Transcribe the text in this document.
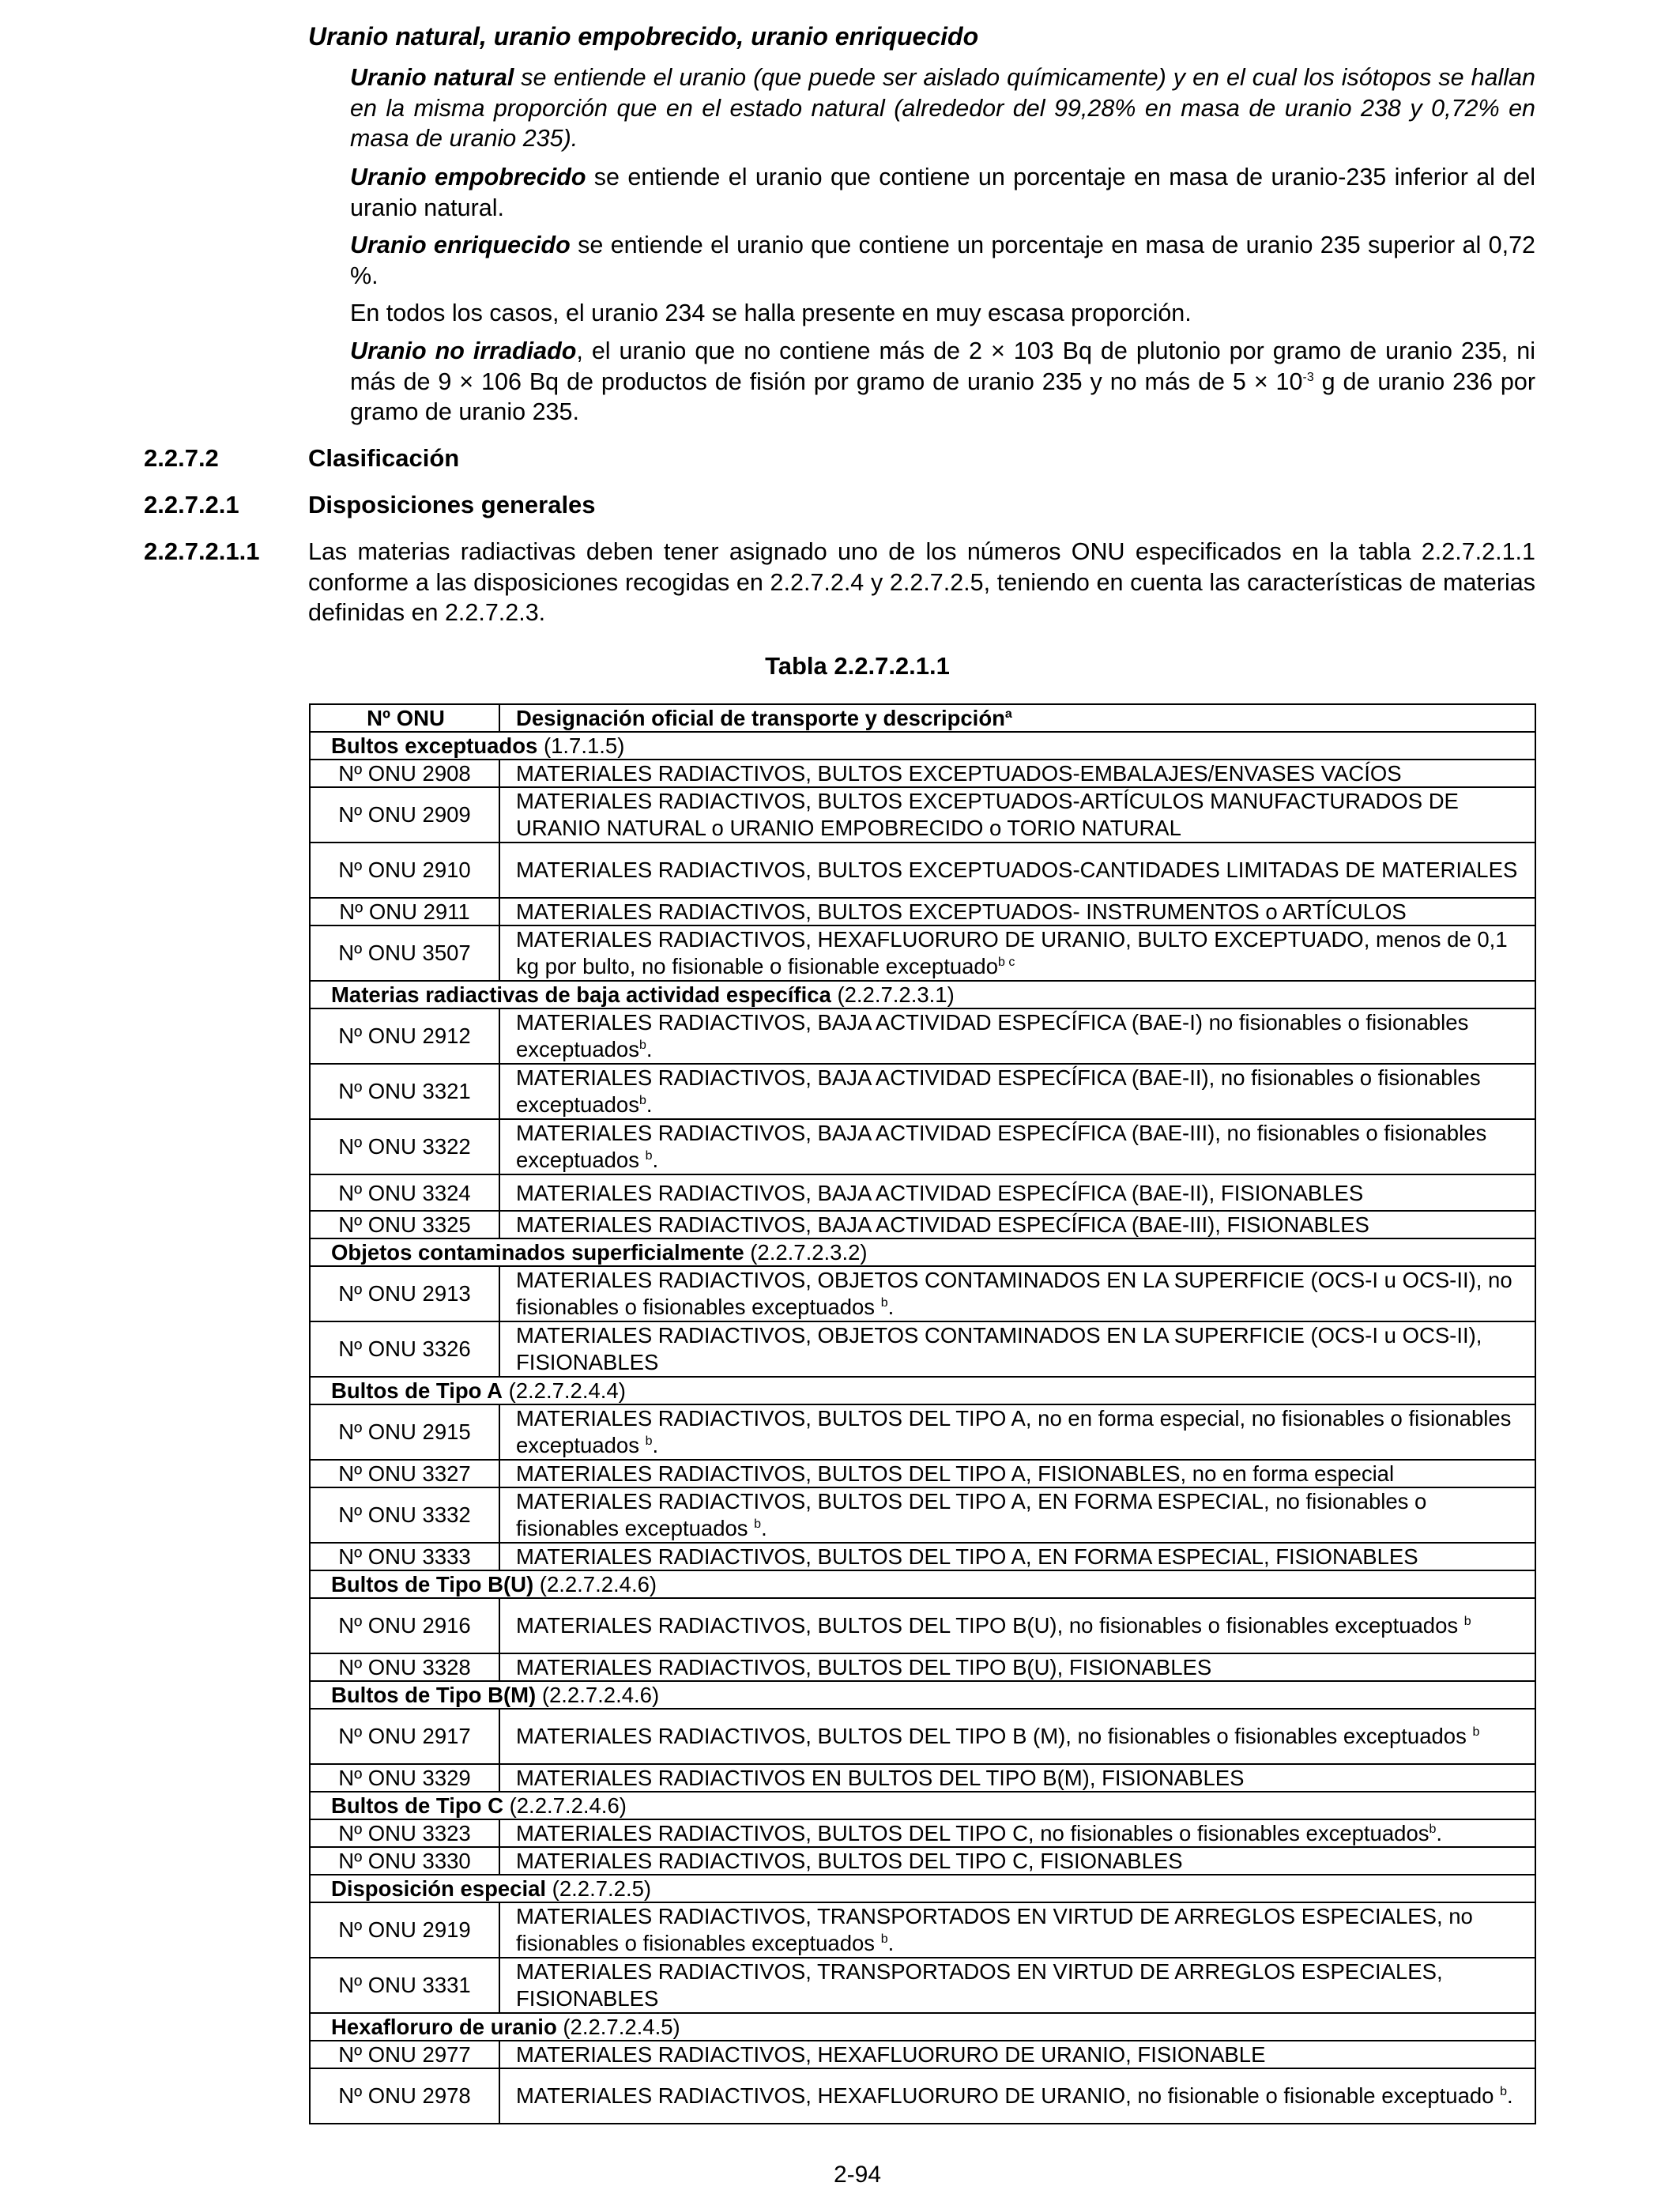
Uranio natural, uranio empobrecido, uranio enriquecido
Uranio natural se entiende el uranio (que puede ser aislado químicamente) y en el cual los isótopos se hallan en la misma proporción que en el estado natural (alrededor del 99,28% en masa de uranio 238 y 0,72% en masa de uranio 235).
Uranio empobrecido se entiende el uranio que contiene un porcentaje en masa de uranio-235 inferior al del uranio natural.
Uranio enriquecido se entiende el uranio que contiene un porcentaje en masa de uranio 235 superior al 0,72 %.
En todos los casos, el uranio 234 se halla presente en muy escasa proporción.
Uranio no irradiado, el uranio que no contiene más de 2 × 103 Bq de plutonio por gramo de uranio 235, ni más de 9 × 106 Bq de productos de fisión por gramo de uranio 235 y no más de $5 \times 10^{-3}$ g de uranio 236 por gramo de uranio 235.
2.2.7.2	Clasificación
2.2.7.2.1	Disposiciones generales
2.2.7.2.1.1 Las materias radiactivas deben tener asignado uno de los números ONU especificados en la tabla 2.2.7.2.1.1 conforme a las disposiciones recogidas en 2.2.7.2.4 y 2.2.7.2.5, teniendo en cuenta las características de materias definidas en 2.2.7.2.3.
Tabla 2.2.7.2.1.1
Nº ONU	Designación oficial de transporte y descripción$^a$
Bultos exceptuados (1.7.1.5)	
Nº ONU 2908	MATERIALES RADIACTIVOS, BULTOS EXCEPTUADOS-EMBALAJES/ENVASES VACÍOS
Nº ONU 2909	MATERIALES RADIACTIVOS, BULTOS EXCEPTUADOS-ARTÍCULOS MANUFACTURADOS DE URANIO NATURAL o URANIO EMPOBRECIDO o TORIO NATURAL
Nº ONU 2910	MATERIALES RADIACTIVOS, BULTOS EXCEPTUADOS-CANTIDADES LIMITADAS DE MATERIALES
Nº ONU 2911	MATERIALES RADIACTIVOS, BULTOS EXCEPTUADOS- INSTRUMENTOS o ARTÍCULOS
Nº ONU 3507	MATERIALES RADIACTIVOS, HEXAFLUORURO DE URANIO, BULTO EXCEPTUADO, menos de 0,1 kg por bulto, no fisionable o fisionable exceptuado$^{b c}$
Materias radiactivas de baja actividad específica (2.2.7.2.3.1)	
Nº ONU 2912	MATERIALES RADIACTIVOS, BAJA ACTIVIDAD ESPECÍFICA (BAE-I) no fisionables o fisionables exceptuados$^b$.
Nº ONU 3321	MATERIALES RADIACTIVOS, BAJA ACTIVIDAD ESPECÍFICA (BAE-II), no fisionables o fisionables exceptuados$^b$.
Nº ONU 3322	MATERIALES RADIACTIVOS, BAJA ACTIVIDAD ESPECÍFICA (BAE-III), no fisionables o fisionables exceptuados $^b$.
Nº ONU 3324	MATERIALES RADIACTIVOS, BAJA ACTIVIDAD ESPECÍFICA (BAE-II), FISIONABLES
Nº ONU 3325	MATERIALES RADIACTIVOS, BAJA ACTIVIDAD ESPECÍFICA (BAE-III), FISIONABLES
Objetos contaminados superficialmente (2.2.7.2.3.2)	
Nº ONU 2913	MATERIALES RADIACTIVOS, OBJETOS CONTAMINADOS EN LA SUPERFICIE (OCS-I u OCS-II), no fisionables o fisionables exceptuados $^b$.
Nº ONU 3326	MATERIALES RADIACTIVOS, OBJETOS CONTAMINADOS EN LA SUPERFICIE (OCS-I u OCS-II), FISIONABLES
Bultos de Tipo A (2.2.7.2.4.4)	
Nº ONU 2915	MATERIALES RADIACTIVOS, BULTOS DEL TIPO A, no en forma especial, no fisionables o fisionables exceptuados $^b$.
Nº ONU 3327	MATERIALES RADIACTIVOS, BULTOS DEL TIPO A, FISIONABLES, no en forma especial
Nº ONU 3332	MATERIALES RADIACTIVOS, BULTOS DEL TIPO A, EN FORMA ESPECIAL, no fisionables o fisionables exceptuados $^b$.
Nº ONU 3333	MATERIALES RADIACTIVOS, BULTOS DEL TIPO A, EN FORMA ESPECIAL, FISIONABLES
Bultos de Tipo B(U) (2.2.7.2.4.6)	
Nº ONU 2916	MATERIALES RADIACTIVOS, BULTOS DEL TIPO B(U), no fisionables o fisionables exceptuados $^b$
Nº ONU 3328	MATERIALES RADIACTIVOS, BULTOS DEL TIPO B(U), FISIONABLES
Bultos de Tipo B(M) (2.2.7.2.4.6)	
Nº ONU 2917	MATERIALES RADIACTIVOS, BULTOS DEL TIPO B (M), no fisionables o fisionables exceptuados $^b$
Nº ONU 3329	MATERIALES RADIACTIVOS EN BULTOS DEL TIPO B(M), FISIONABLES
Bultos de Tipo C (2.2.7.2.4.6)	
Nº ONU 3323	MATERIALES RADIACTIVOS, BULTOS DEL TIPO C, no fisionables o fisionables exceptuados$^b$.
Nº ONU 3330	MATERIALES RADIACTIVOS, BULTOS DEL TIPO C, FISIONABLES
Disposición especial (2.2.7.2.5)	
Nº ONU 2919	MATERIALES RADIACTIVOS, TRANSPORTADOS EN VIRTUD DE ARREGLOS ESPECIALES, no fisionables o fisionables exceptuados $^b$.
Nº ONU 3331	MATERIALES RADIACTIVOS, TRANSPORTADOS EN VIRTUD DE ARREGLOS ESPECIALES, FISIONABLES
Hexafloruro de uranio (2.2.7.2.4.5)	
Nº ONU 2977	MATERIALES RADIACTIVOS, HEXAFLUORURO DE URANIO, FISIONABLE
Nº ONU 2978	MATERIALES RADIACTIVOS, HEXAFLUORURO DE URANIO, no fisionable o fisionable exceptuado $^b$.
2-94
